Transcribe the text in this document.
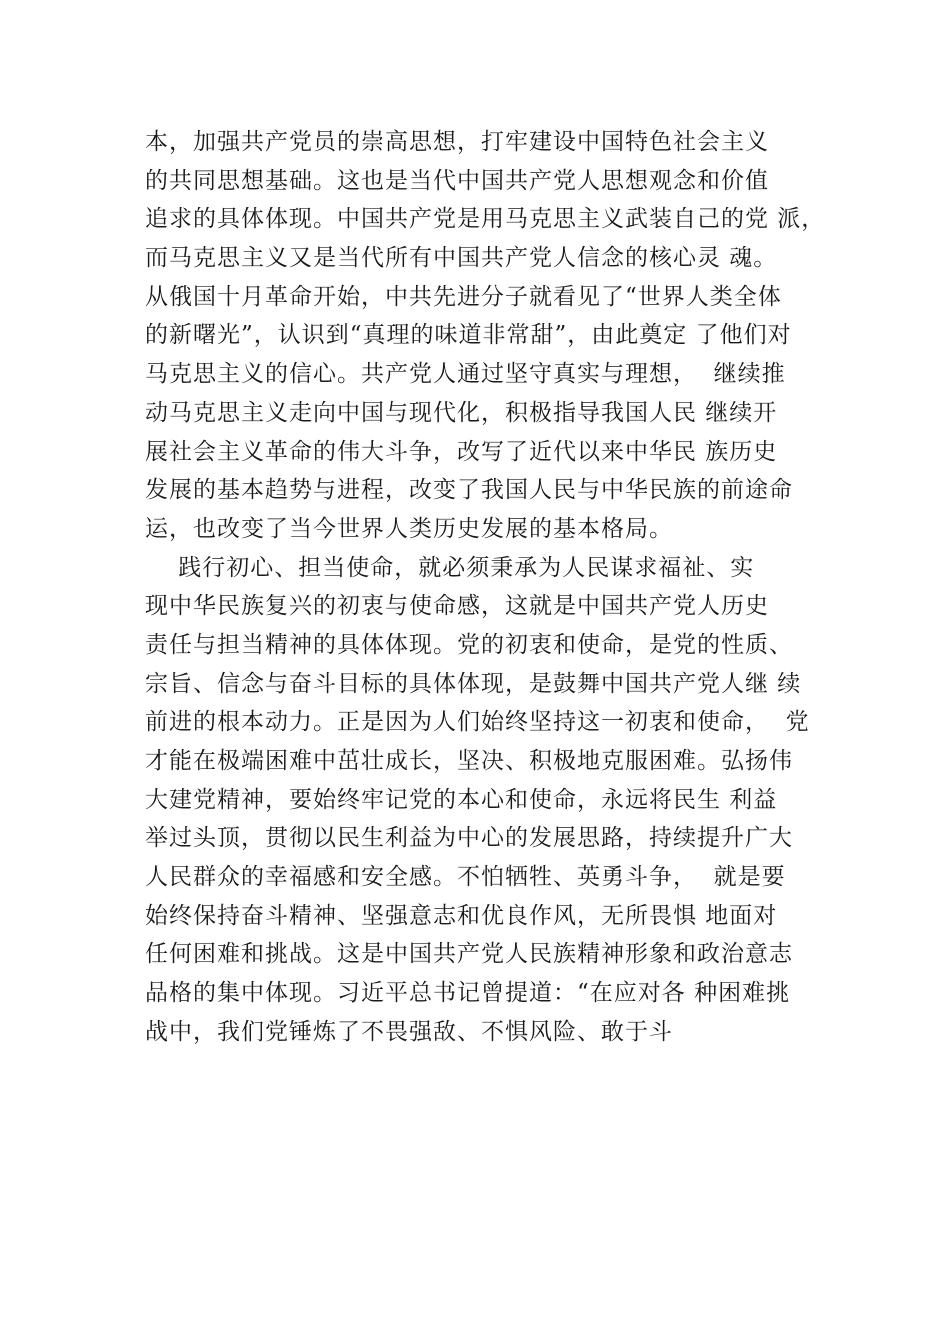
本，加强共产党员的崇高思想，打牢建设中国特色社会主义
的共同思想基础。这也是当代中国共产党人思想观念和价值
追求的具体体现。中国共产党是用马克思主义武装自己的党 派，
而马克思主义又是当代所有中国共产党人信念的核心灵 魂。
从俄国十月革命开始，中共先进分子就看见了“世界人类全体
的新曙光”，认识到“真理的味道非常甜”，由此奠定 了他们对
马克思主义的信心。共产党人通过坚守真实与理想，  继续推
动马克思主义走向中国与现代化，积极指导我国人民 继续开
展社会主义革命的伟大斗争，改写了近代以来中华民 族历史
发展的基本趋势与进程，改变了我国人民与中华民族的前途命
运，也改变了当今世界人类历史发展的基本格局。
践行初心、担当使命，就必须秉承为人民谋求福祉、实
现中华民族复兴的初衷与使命感，这就是中国共产党人历史
责任与担当精神的具体体现。党的初衷和使命，是党的性质、
宗旨、信念与奋斗目标的具体体现，是鼓舞中国共产党人继 续
前进的根本动力。正是因为人们始终坚持这一初衷和使命，  党
才能在极端困难中茁壮成长，坚决、积极地克服困难。弘扬伟
大建党精神，要始终牢记党的本心和使命，永远将民生 利益
举过头顶，贯彻以民生利益为中心的发展思路，持续提升广大
人民群众的幸福感和安全感。不怕牺牲、英勇斗争，  就是要
始终保持奋斗精神、坚强意志和优良作风，无所畏惧 地面对
任何困难和挑战。这是中国共产党人民族精神形象和政治意志
品格的集中体现。习近平总书记曾提道：“在应对各 种困难挑
战中，我们党锤炼了不畏强敌、不惧风险、敢于斗
